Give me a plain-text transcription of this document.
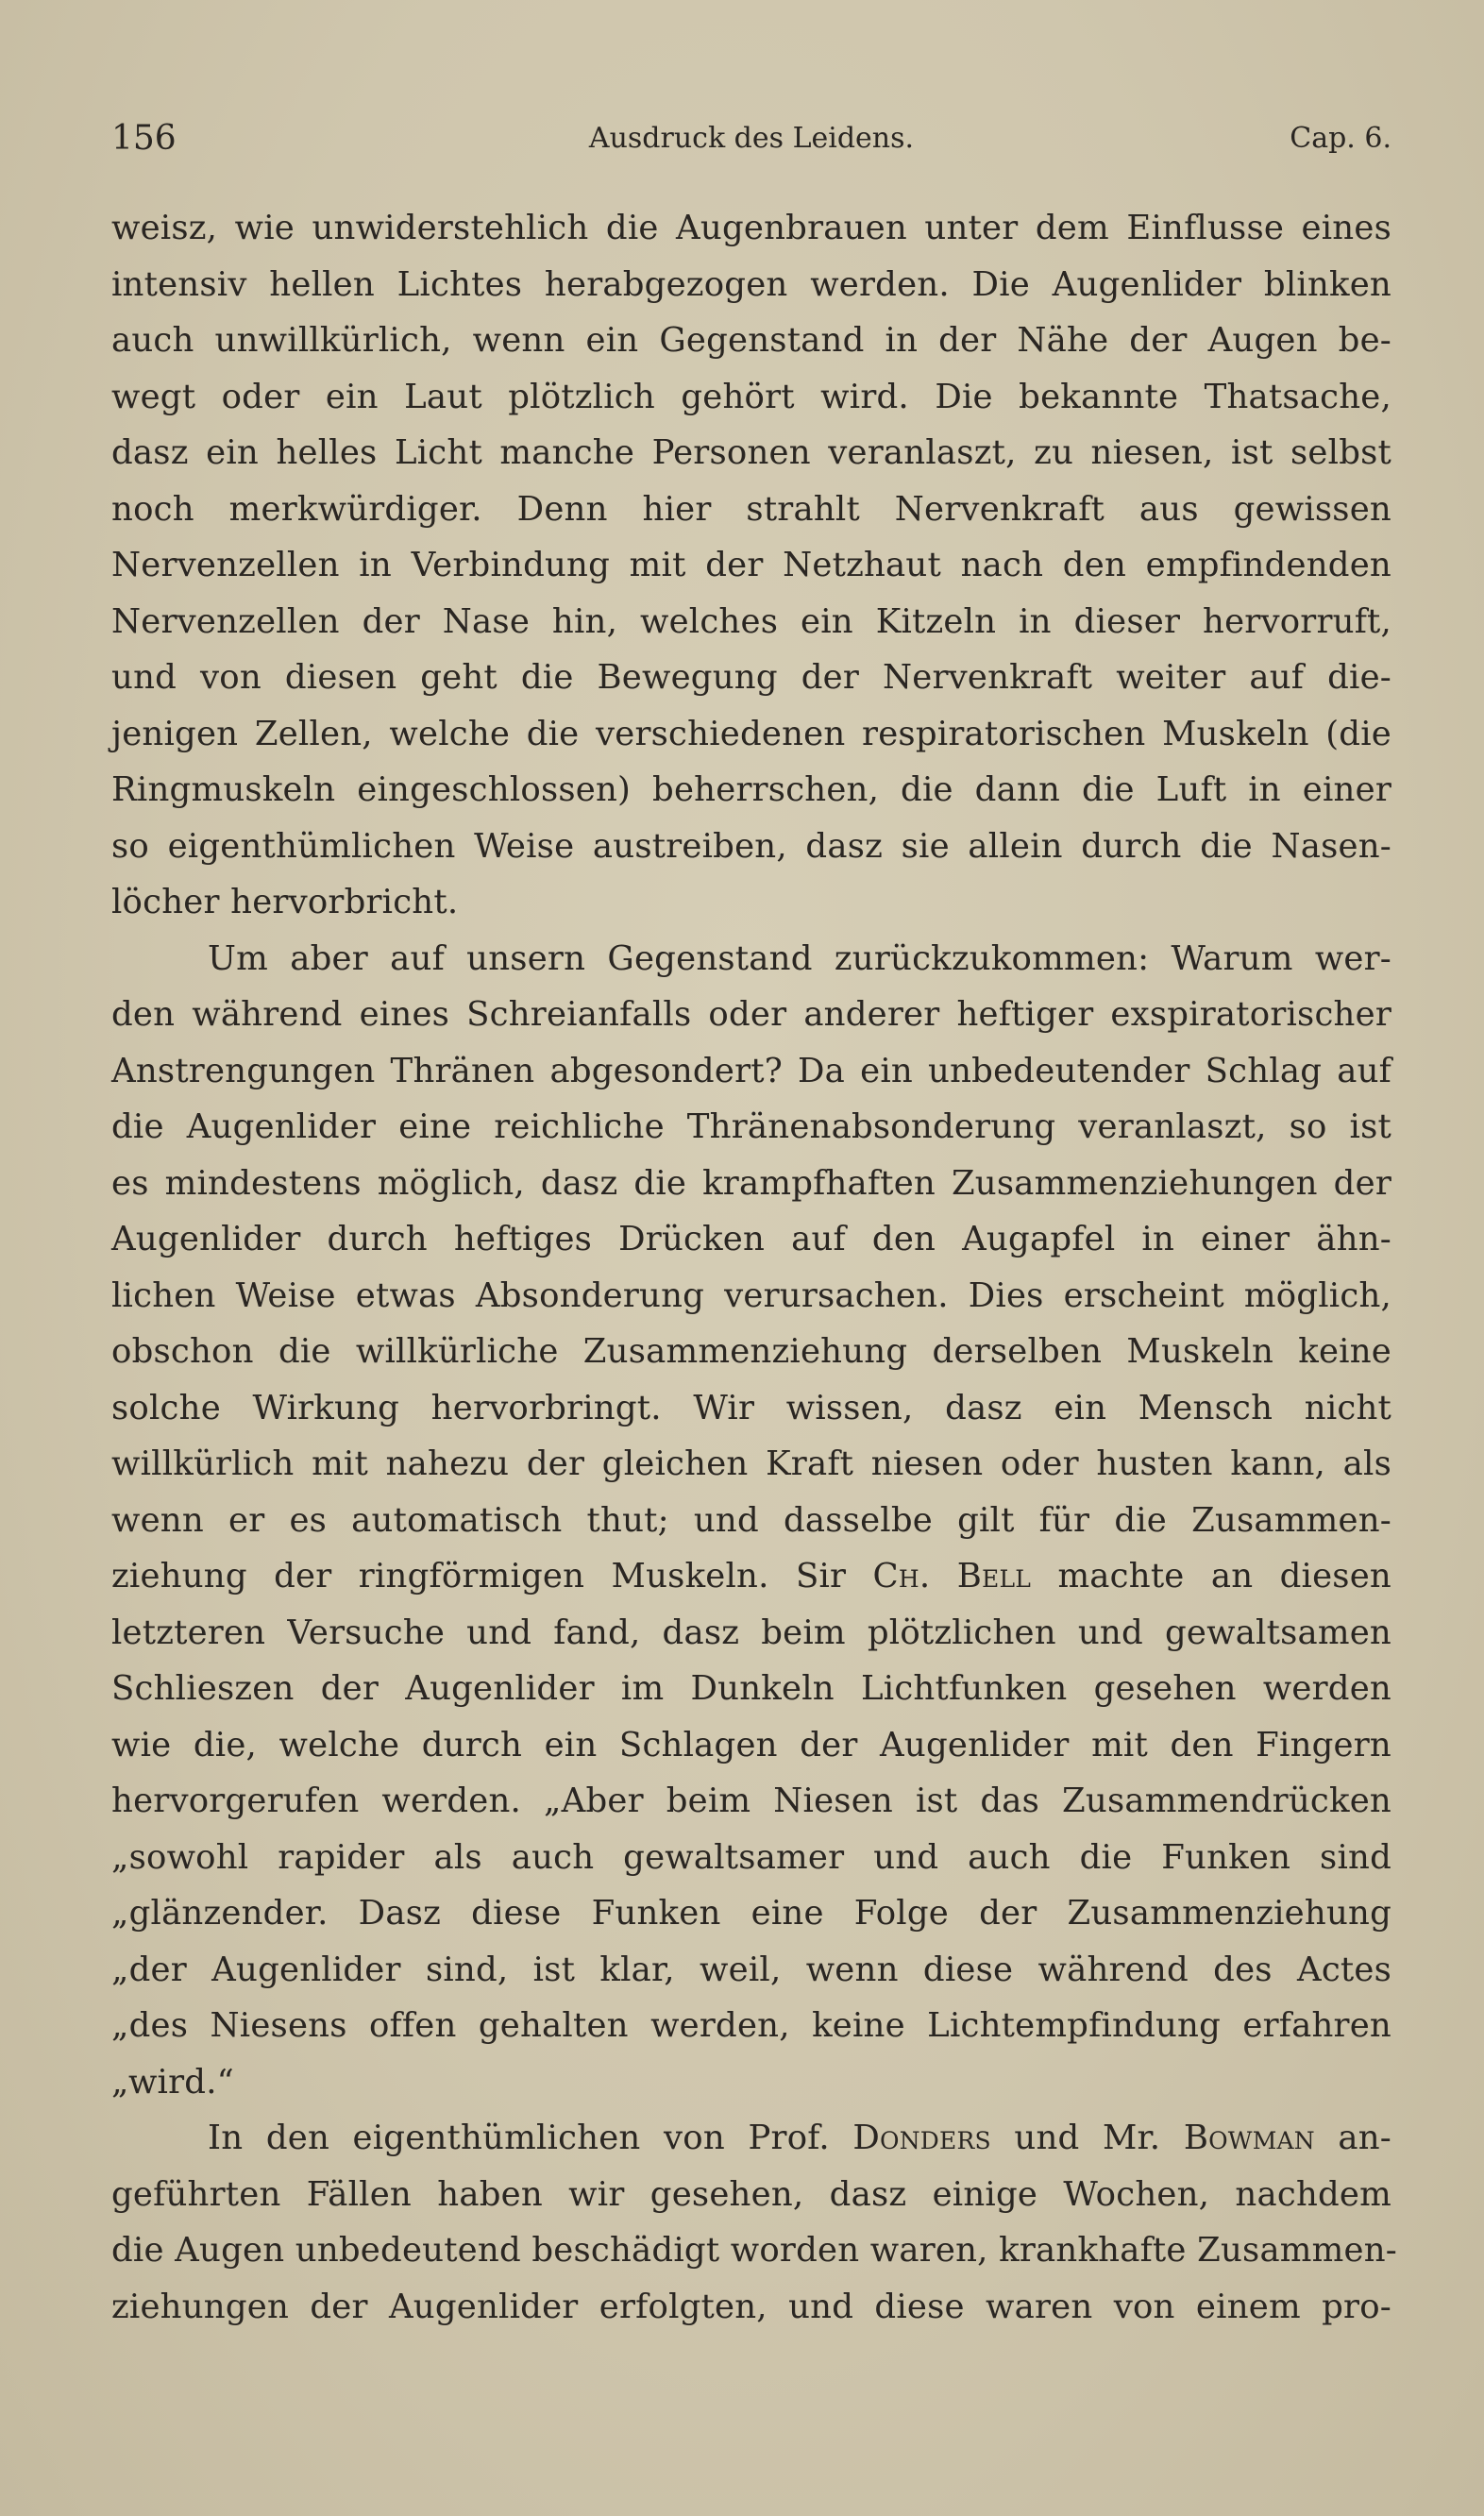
156	Ausdruck des Leidens.	Cap. 6.
weisz, wie unwiderstehlich die Augenbrauen unter dem Einflusse eines
intensiv hellen Lichtes herabgezogen werden. Die Augenlider blinken
auch unwillkürlich, wenn ein Gegenstand in der Nähe der Augen be-
wegt oder ein Laut plötzlich gehört wird. Die bekannte Thatsache,
dasz ein helles Licht manche Personen veranlaszt, zu niesen, ist selbst
noch merkwürdiger. Denn hier strahlt Nervenkraft aus gewissen
Nervenzellen in Verbindung mit der Netzhaut nach den empfindenden
Nervenzellen der Nase hin, welches ein Kitzeln in dieser hervorruft,
und von diesen geht die Bewegung der Nervenkraft weiter auf die-
jenigen Zellen, welche die verschiedenen respiratorischen Muskeln (die
Ringmuskeln eingeschlossen) beherrschen, die dann die Luft in einer
so eigenthümlichen Weise austreiben, dasz sie allein durch die Nasen-
löcher hervorbricht.
Um aber auf unsern Gegenstand zurückzukommen: Warum wer-
den während eines Schreianfalls oder anderer heftiger exspiratorischer
Anstrengungen Thränen abgesondert? Da ein unbedeutender Schlag auf
die Augenlider eine reichliche Thränenabsonderung veranlaszt, so ist
es mindestens möglich, dasz die krampfhaften Zusammenziehungen der
Augenlider durch heftiges Drücken auf den Augapfel in einer ähn-
lichen Weise etwas Absonderung verursachen. Dies erscheint möglich,
obschon die willkürliche Zusammenziehung derselben Muskeln keine
solche Wirkung hervorbringt. Wir wissen, dasz ein Mensch nicht
willkürlich mit nahezu der gleichen Kraft niesen oder husten kann, als
wenn er es automatisch thut; und dasselbe gilt für die Zusammen-
ziehung der ringförmigen Muskeln. Sir Ch. Bell machte an diesen
letzteren Versuche und fand, dasz beim plötzlichen und gewaltsamen
Schlieszen der Augenlider im Dunkeln Lichtfunken gesehen werden
wie die, welche durch ein Schlagen der Augenlider mit den Fingern
hervorgerufen werden. „Aber beim Niesen ist das Zusammendrücken
„sowohl rapider als auch gewaltsamer und auch die Funken sind
„glänzender. Dasz diese Funken eine Folge der Zusammenziehung
„der Augenlider sind, ist klar, weil, wenn diese während des Actes
„des Niesens offen gehalten werden, keine Lichtempfindung erfahren
„wird.“
In den eigenthümlichen von Prof. Donders und Mr. Bowman an-
geführten Fällen haben wir gesehen, dasz einige Wochen, nachdem
die Augen unbedeutend beschädigt worden waren, krankhafte Zusammen-
ziehungen der Augenlider erfolgten, und diese waren von einem pro-
